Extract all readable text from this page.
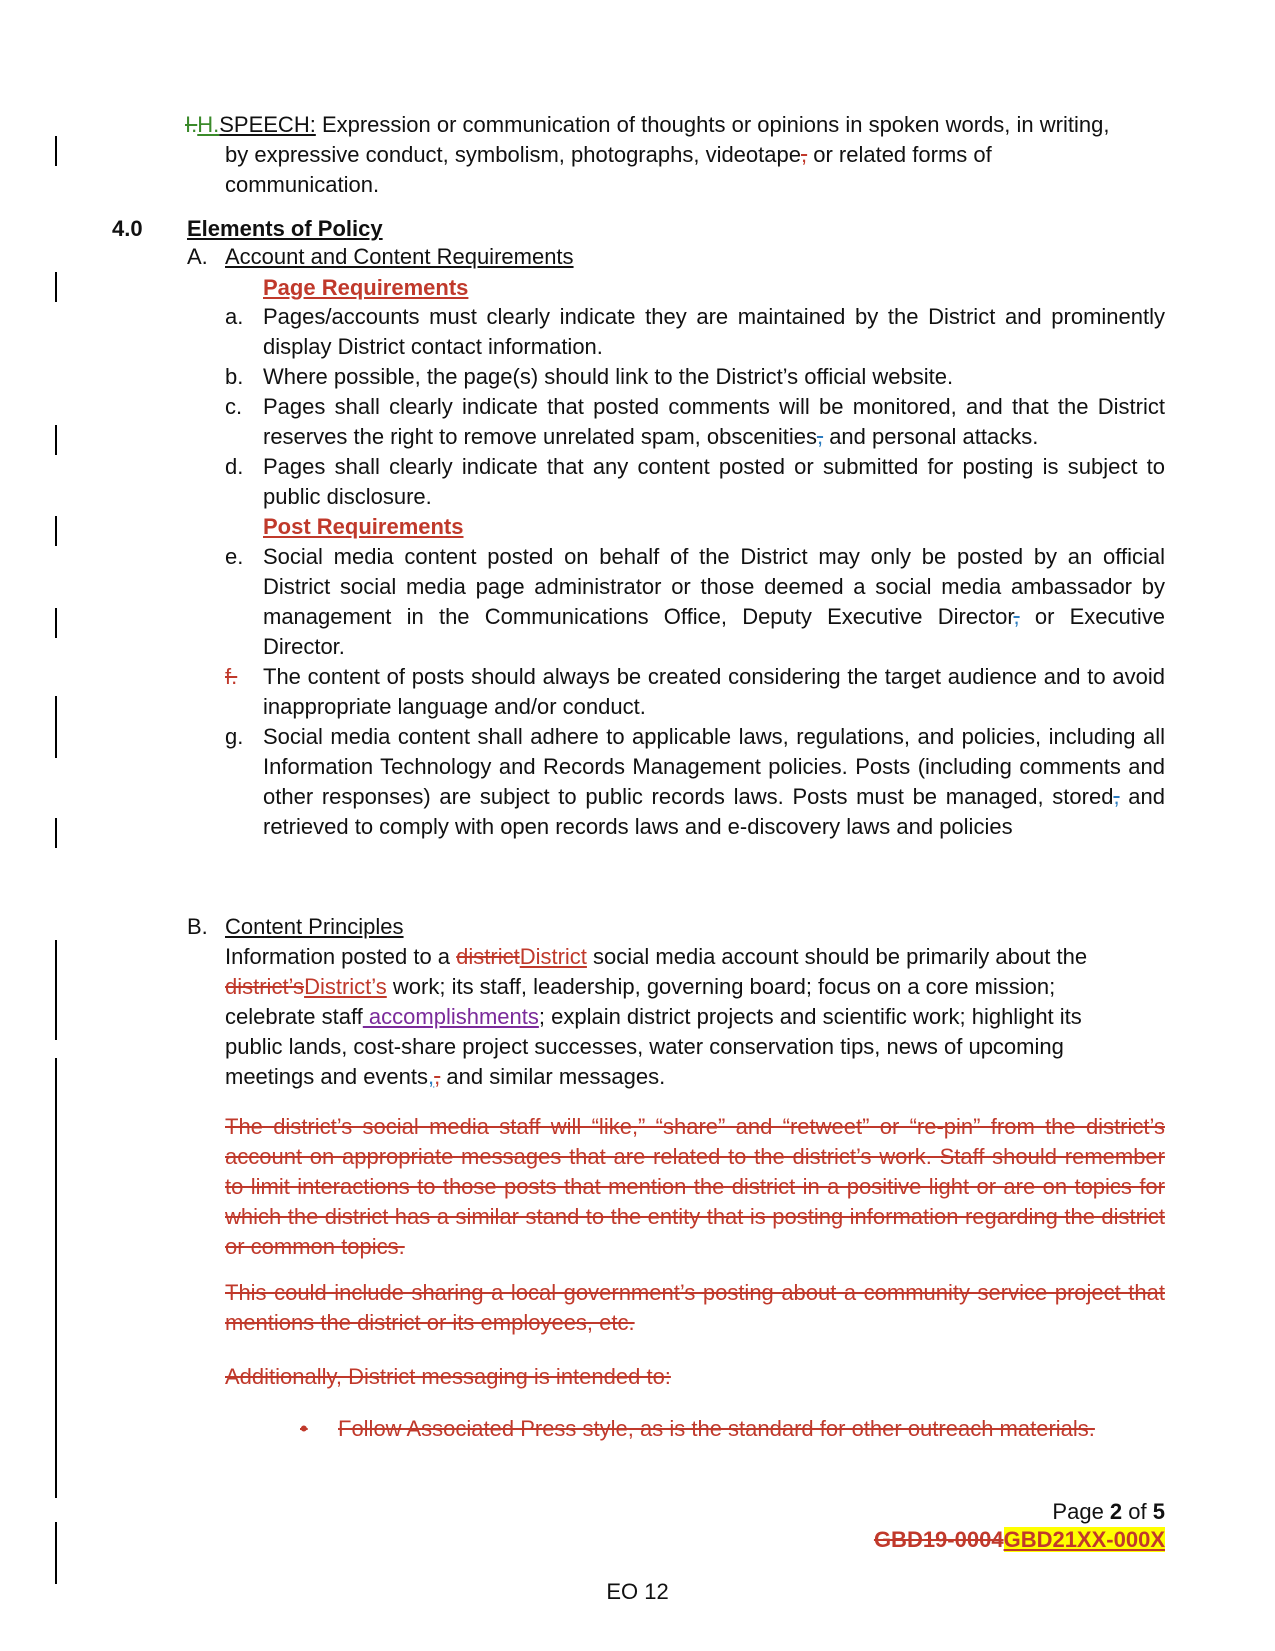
I.H.SPEECH: Expression or communication of thoughts or opinions in spoken words, in writing,
by expressive conduct, symbolism, photographs, videotape, or related forms of
communication.
4.0 Elements of Policy
A. Account and Content Requirements
Page Requirements
a. Pages/accounts must clearly indicate they are maintained by the District and prominently display District contact information.
b. Where possible, the page(s) should link to the District’s official website.
c. Pages shall clearly indicate that posted comments will be monitored, and that the District reserves the right to remove unrelated spam, obscenities, and personal attacks.
d. Pages shall clearly indicate that any content posted or submitted for posting is subject to public disclosure.
Post Requirements
e. Social media content posted on behalf of the District may only be posted by an official District social media page administrator or those deemed a social media ambassador by management in the Communications Office, Deputy Executive Director, or Executive Director.
f. The content of posts should always be created considering the target audience and to avoid inappropriate language and/or conduct.
g. Social media content shall adhere to applicable laws, regulations, and policies, including all Information Technology and Records Management policies. Posts (including comments and other responses) are subject to public records laws. Posts must be managed, stored, and retrieved to comply with open records laws and e-discovery laws and policies
B. Content Principles
Information posted to a districtDistrict social media account should be primarily about the
district’sDistrict’s work; its staff, leadership, governing board; focus on a core mission;
celebrate staff accomplishments; explain district projects and scientific work; highlight its
public lands, cost-share project successes, water conservation tips, news of upcoming
meetings and events,, and similar messages.
The district’s social media staff will “like,” “share” and “retweet” or “re-pin” from the district’s account on appropriate messages that are related to the district’s work. Staff should remember to limit interactions to those posts that mention the district in a positive light or are on topics for which the district has a similar stand to the entity that is posting information regarding the district or common topics.
This could include sharing a local government’s posting about a community service project that mentions the district or its employees, etc.
Additionally, District messaging is intended to:
• Follow Associated Press style, as is the standard for other outreach materials.
Page 2 of 5
GBD19-0004GBD21XX-000X
EO 12
